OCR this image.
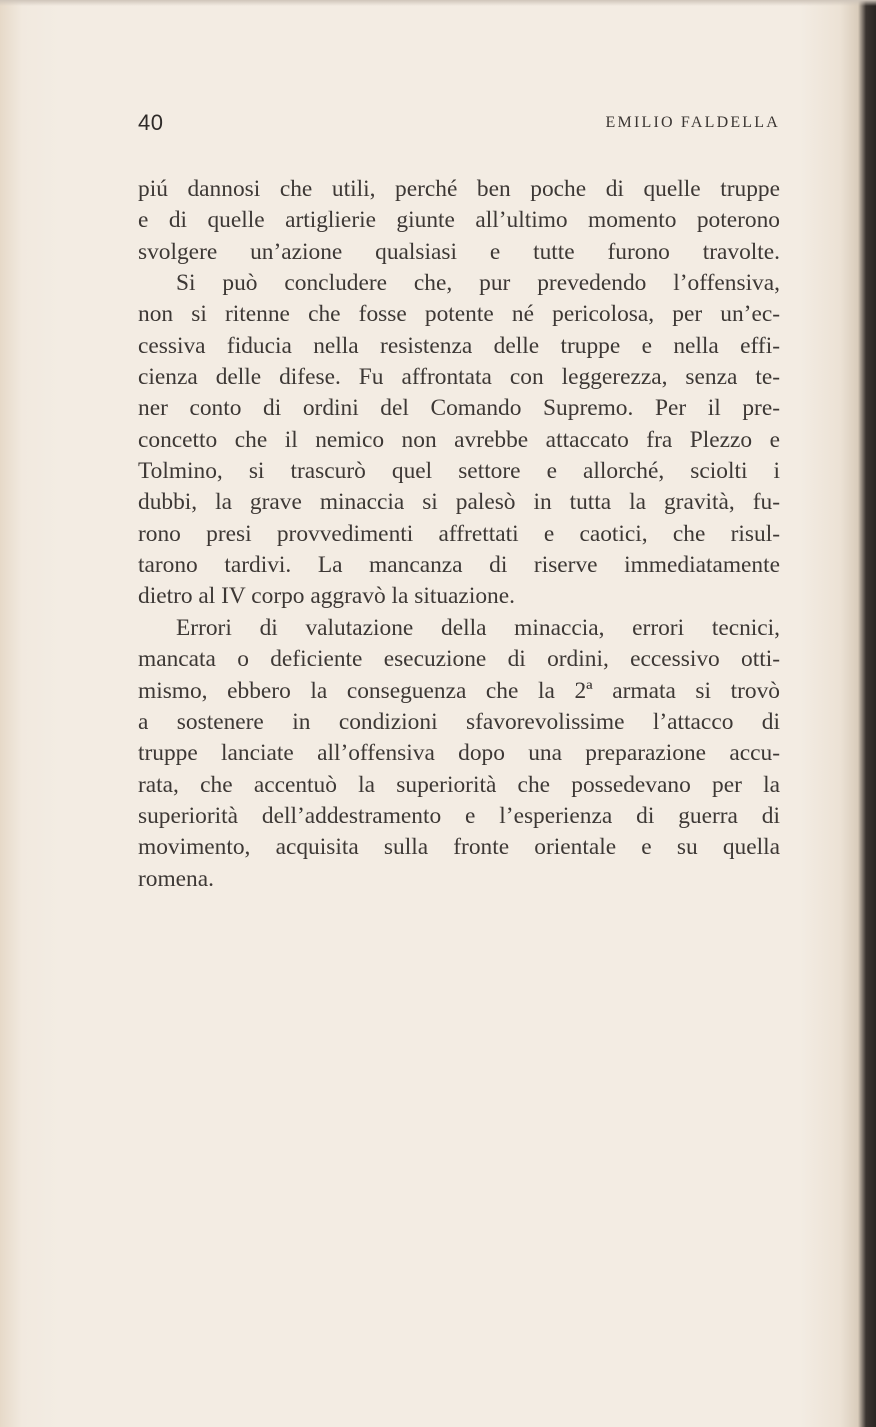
40	EMILIO FALDELLA
piú dannosi che utili, perché ben poche di quelle truppe
e di quelle artiglierie giunte all’ultimo momento poterono
svolgere un’azione qualsiasi e tutte furono travolte.
Si può concludere che, pur prevedendo l’offensiva,
non si ritenne che fosse potente né pericolosa, per un’ec-
cessiva fiducia nella resistenza delle truppe e nella effi-
cienza delle difese. Fu affrontata con leggerezza, senza te-
ner conto di ordini del Comando Supremo. Per il pre-
concetto che il nemico non avrebbe attaccato fra Plezzo e
Tolmino, si trascurò quel settore e allorché, sciolti i
dubbi, la grave minaccia si palesò in tutta la gravità, fu-
rono presi provvedimenti affrettati e caotici, che risul-
tarono tardivi. La mancanza di riserve immediatamente
dietro al IV corpo aggravò la situazione.
Errori di valutazione della minaccia, errori tecnici,
mancata o deficiente esecuzione di ordini, eccessivo otti-
mismo, ebbero la conseguenza che la 2ª armata si trovò
a sostenere in condizioni sfavorevolissime l’attacco di
truppe lanciate all’offensiva dopo una preparazione accu-
rata, che accentuò la superiorità che possedevano per la
superiorità dell’addestramento e l’esperienza di guerra di
movimento, acquisita sulla fronte orientale e su quella
romena.
